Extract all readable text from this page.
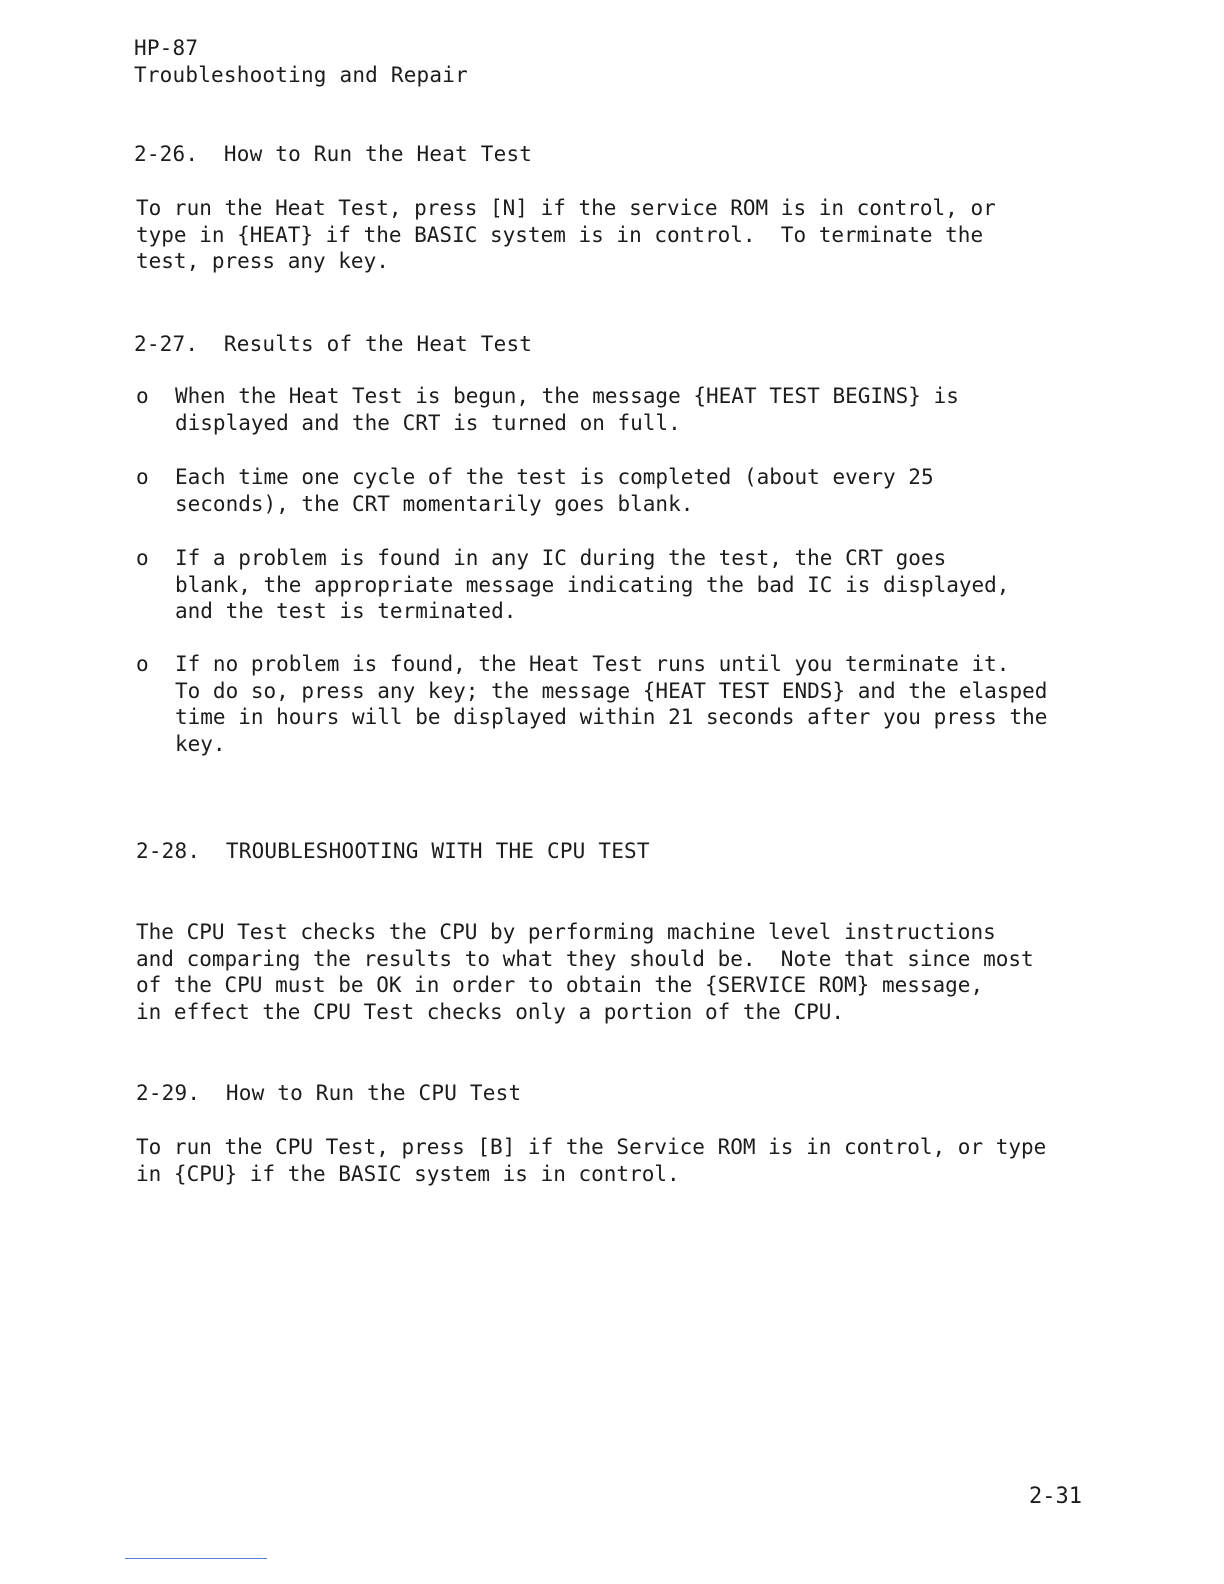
HP-87
Troubleshooting and Repair
2-26.  How to Run the Heat Test

To run the Heat Test, press [N] if the service ROM is in control, or

type in {HEAT} if the BASIC system is in control.  To terminate the

test, press any key.

2-27.  Results of the Heat Test
o When the Heat Test is begun, the message {HEAT TEST BEGINS} is

displayed and the CRT is turned on full.

o Each time one cycle of the test is completed (about every 25

seconds), the CRT momentarily goes blank.

o If a problem is found in any IC during the test, the CRT goes

blank, the appropriate message indicating the bad IC is displayed,

and the test is terminated.

o If no problem is found, the Heat Test runs until you terminate it.

To do so, press any key; the message {HEAT TEST ENDS} and the elasped

time in hours will be displayed within 21 seconds after you press the

key.

2-28.  TROUBLESHOOTING WITH THE CPU TEST

The CPU Test checks the CPU by performing machine level instructions

and comparing the results to what they should be.  Note that since most

of the CPU must be OK in order to obtain the {SERVICE ROM} message,

in effect the CPU Test checks only a portion of the CPU.

2-29.  How to Run the CPU Test

To run the CPU Test, press [B] if the Service ROM is in control, or type

in {CPU} if the BASIC system is in control.

2-31
